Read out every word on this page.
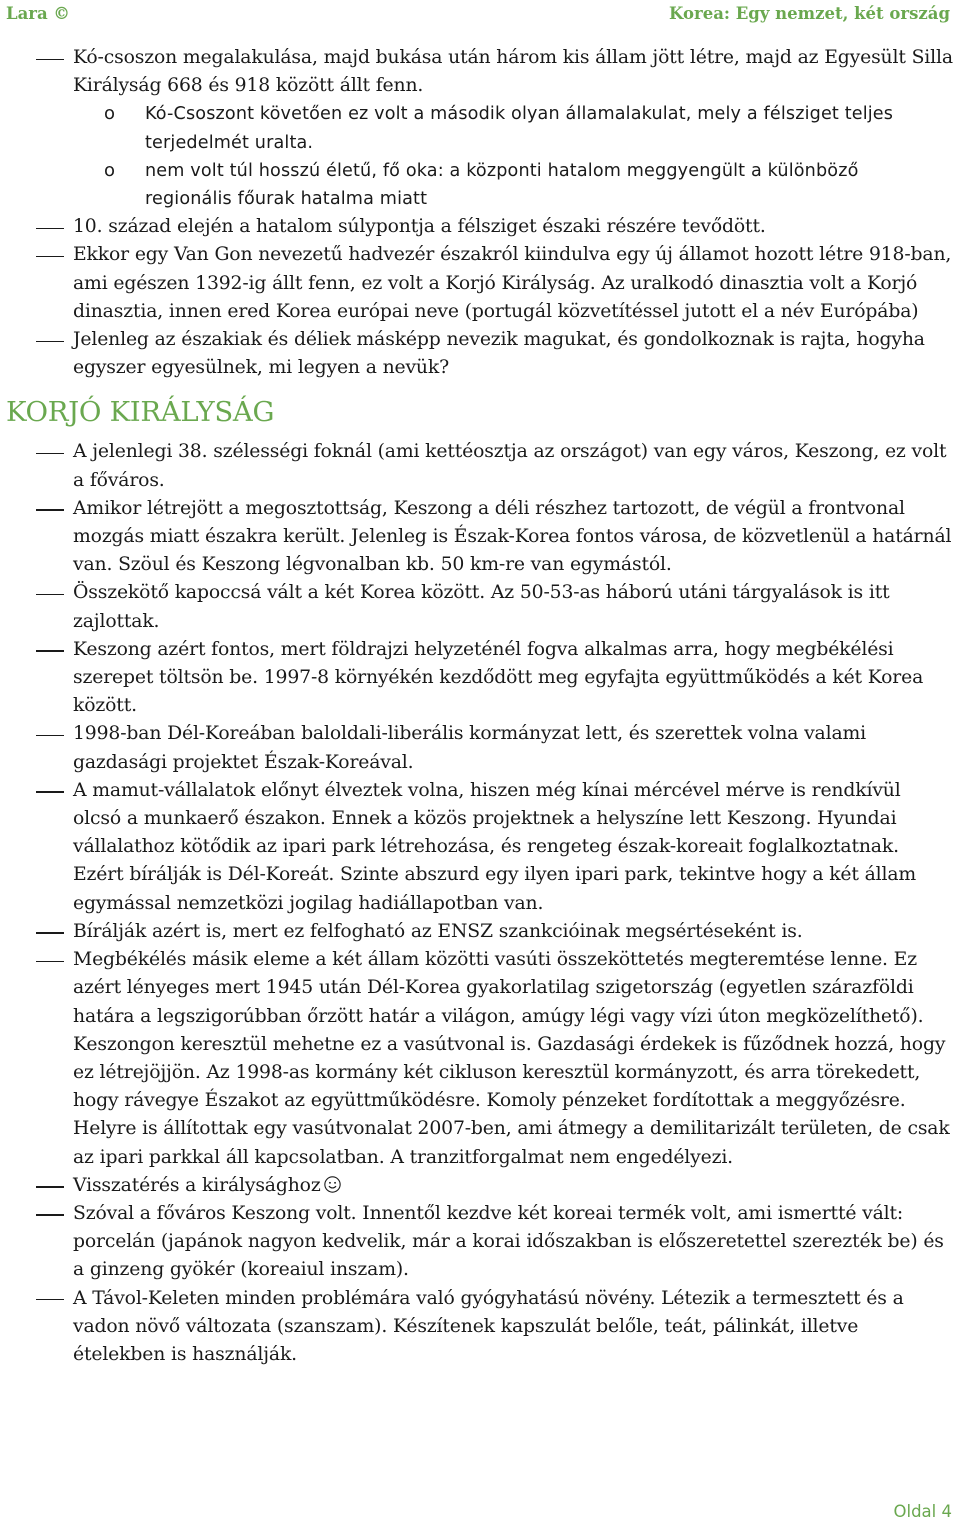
Lara ©	Korea: Egy nemzet, két ország
Kó-csoszon megalakulása, majd bukása után három kis állam jött létre, majd az Egyesült Silla Királyság 668 és 918 között állt fenn.
o Kó-Csoszont követően ez volt a második olyan államalakulat, mely a félsziget teljes terjedelmét uralta.
o nem volt túl hosszú életű, fő oka: a központi hatalom meggyengült a különböző regionális főurak hatalma miatt
10. század elején a hatalom súlypontja a félsziget északi részére tevődött.
Ekkor egy Van Gon nevezetű hadvezér északról kiindulva egy új államot hozott létre 918-ban, ami egészen 1392-ig állt fenn, ez volt a Korjó Királyság. Az uralkodó dinasztia volt a Korjó dinasztia, innen ered Korea európai neve (portugál közvetítéssel jutott el a név Európába)
Jelenleg az északiak és déliek másképp nevezik magukat, és gondolkoznak is rajta, hogyha egyszer egyesülnek, mi legyen a nevük?
KORJÓ KIRÁLYSÁG
A jelenlegi 38. szélességi foknál (ami kettéosztja az országot) van egy város, Keszong, ez volt a főváros.
Amikor létrejött a megosztottság, Keszong a déli részhez tartozott, de végül a frontvonal mozgás miatt északra került. Jelenleg is Észak-Korea fontos városa, de közvetlenül a határnál van. Szöul és Keszong légvonalban kb. 50 km-re van egymástól.
Összekötő kapoccsá vált a két Korea között. Az 50-53-as háború utáni tárgyalások is itt zajlottak.
Keszong azért fontos, mert földrajzi helyzeténél fogva alkalmas arra, hogy megbékélési szerepet töltsön be. 1997-8 környékén kezdődött meg egyfajta együttműködés a két Korea között.
1998-ban Dél-Koreában baloldali-liberális kormányzat lett, és szerettek volna valami gazdasági projektet Észak-Koreával.
A mamut-vállalatok előnyt élveztek volna, hiszen még kínai mércével mérve is rendkívül olcsó a munkaerő északon. Ennek a közös projektnek a helyszíne lett Keszong. Hyundai vállalathoz kötődik az ipari park létrehozása, és rengeteg észak-koreait foglalkoztatnak. Ezért bírálják is Dél-Koreát. Szinte abszurd egy ilyen ipari park, tekintve hogy a két állam egymással nemzetközi jogilag hadiállapotban van.
Bírálják azért is, mert ez felfogható az ENSZ szankcióinak megsértéseként is.
Megbékélés másik eleme a két állam közötti vasúti összeköttetés megteremtése lenne. Ez azért lényeges mert 1945 után Dél-Korea gyakorlatilag szigetország (egyetlen szárazföldi határa a legszigorúbban őrzött határ a világon, amúgy légi vagy vízi úton megközelíthető). Keszongon keresztül mehetne ez a vasútvonal is. Gazdasági érdekek is fűződnek hozzá, hogy ez létrejöjjön. Az 1998-as kormány két cikluson keresztül kormányzott, és arra törekedett, hogy rávegye Északot az együttműködésre. Komoly pénzeket fordítottak a meggyőzésre. Helyre is állítottak egy vasútvonalat 2007-ben, ami átmegy a demilitarizált területen, de csak az ipari parkkal áll kapcsolatban. A tranzitforgalmat nem engedélyezi.
Visszatérés a királysághoz
Szóval a főváros Keszong volt. Innentől kezdve két koreai termék volt, ami ismertté vált: porcelán (japánok nagyon kedvelik, már a korai időszakban is előszeretettel szerezték be) és a ginzeng gyökér (koreaiul inszam).
A Távol-Keleten minden problémára való gyógyhatású növény. Létezik a termesztett és a vadon növő változata (szanszam). Készítenek kapszulát belőle, teát, pálinkát, illetve ételekben is használják.
Oldal 4
